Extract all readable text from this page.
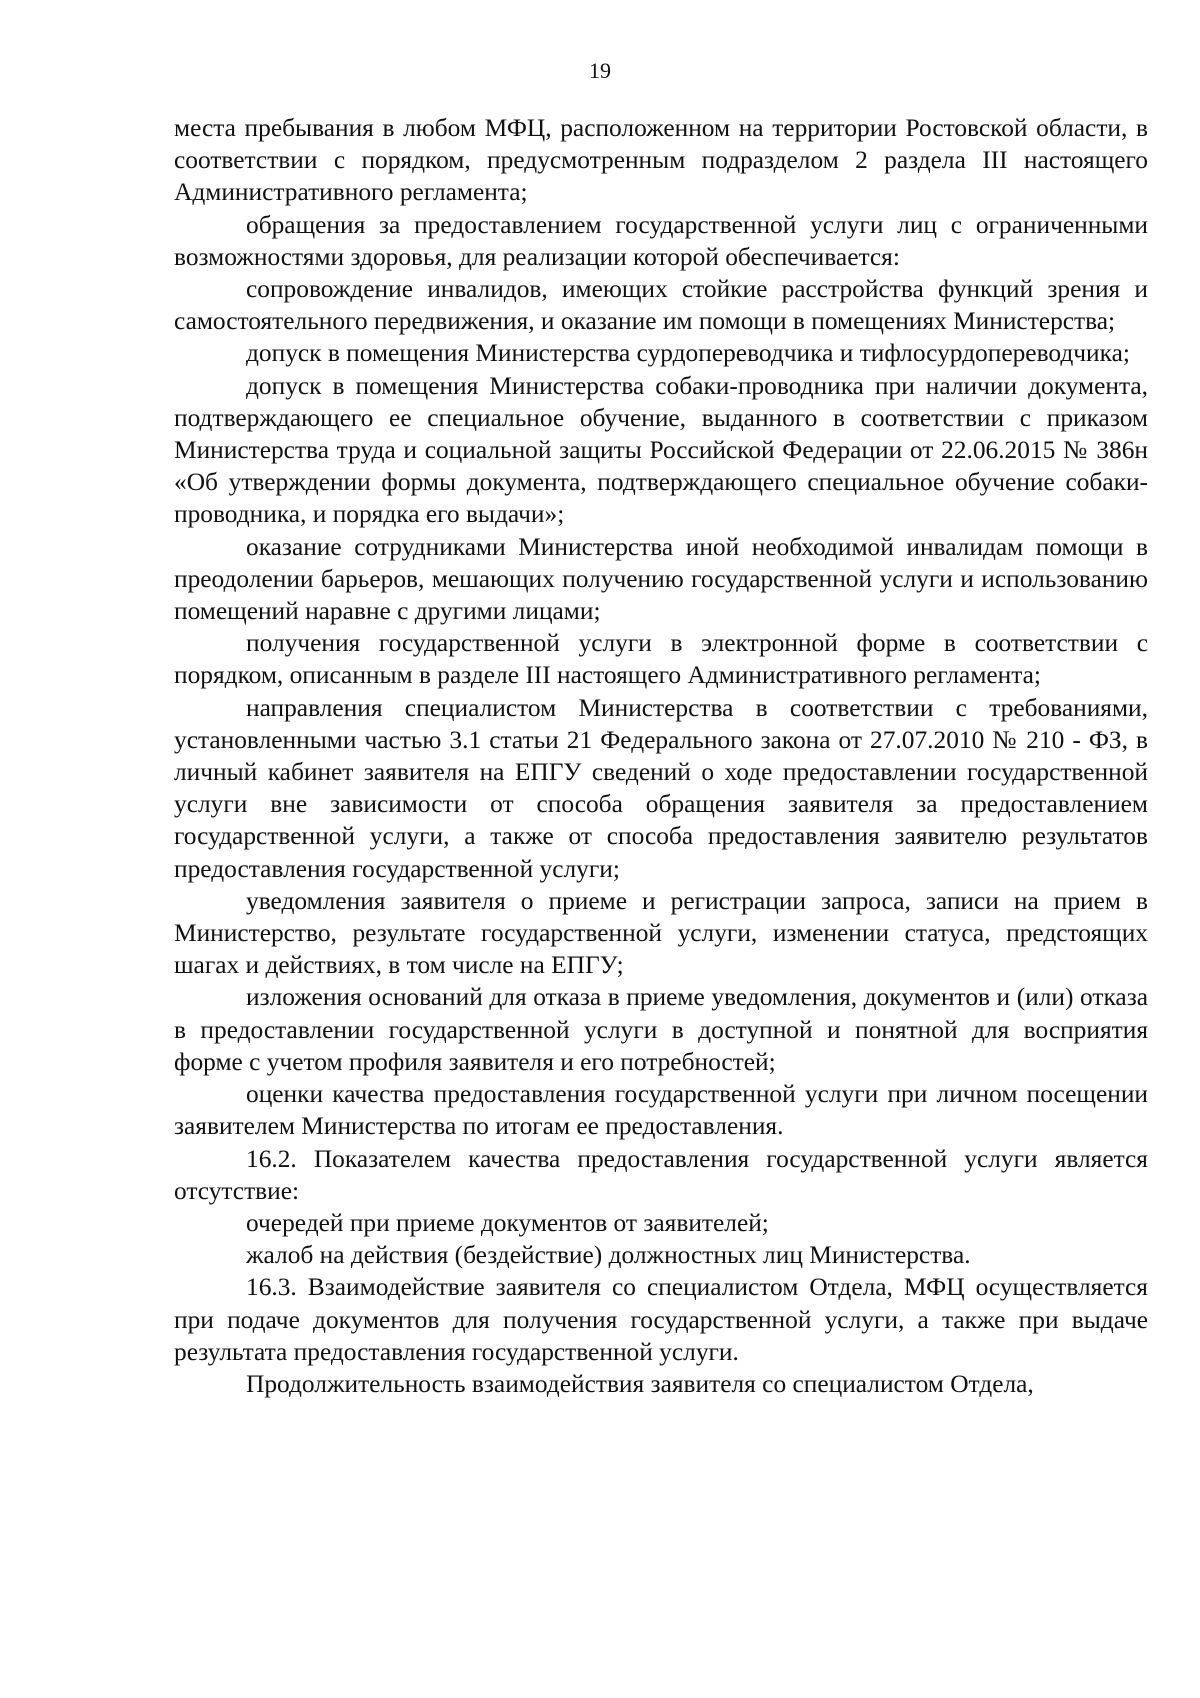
19

места пребывания в любом МФЦ, расположенном на территории Ростовской области, в соответствии с порядком, предусмотренным подразделом 2 раздела III настоящего Административного регламента;

обращения за предоставлением государственной услуги лиц с ограниченными возможностями здоровья, для реализации которой обеспечивается:

сопровождение инвалидов, имеющих стойкие расстройства функций зрения и самостоятельного передвижения, и оказание им помощи в помещениях Министерства;

допуск в помещения Министерства сурдопереводчика и тифлосурдопереводчика;

допуск в помещения Министерства собаки-проводника при наличии документа, подтверждающего ее специальное обучение, выданного в соответствии с приказом Министерства труда и социальной защиты Российской Федерации от 22.06.2015 № 386н «Об утверждении формы документа, подтверждающего специальное обучение собаки-проводника, и порядка его выдачи»;

оказание сотрудниками Министерства иной необходимой инвалидам помощи в преодолении барьеров, мешающих получению государственной услуги и использованию помещений наравне с другими лицами;

получения государственной услуги в электронной форме в соответствии с порядком, описанным в разделе III настоящего Административного регламента;

направления специалистом Министерства в соответствии с требованиями, установленными частью 3.1 статьи 21 Федерального закона от 27.07.2010 № 210 - ФЗ, в личный кабинет заявителя на ЕПГУ сведений о ходе предоставлении государственной услуги вне зависимости от способа обращения заявителя за предоставлением государственной услуги, а также от способа предоставления заявителю результатов предоставления государственной услуги;

уведомления заявителя о приеме и регистрации запроса, записи на прием в Министерство, результате государственной услуги, изменении статуса, предстоящих шагах и действиях, в том числе на ЕПГУ;

изложения оснований для отказа в приеме уведомления, документов и (или) отказа в предоставлении государственной услуги в доступной и понятной для восприятия форме с учетом профиля заявителя и его потребностей;

оценки качества предоставления государственной услуги при личном посещении заявителем Министерства по итогам ее предоставления.

16.2. Показателем качества предоставления государственной услуги является отсутствие:

очередей при приеме документов от заявителей;

жалоб на действия (бездействие) должностных лиц Министерства.

16.3. Взаимодействие заявителя со специалистом Отдела, МФЦ осуществляется при подаче документов для получения государственной услуги, а также при выдаче результата предоставления государственной услуги.

Продолжительность взаимодействия заявителя со специалистом Отдела,
